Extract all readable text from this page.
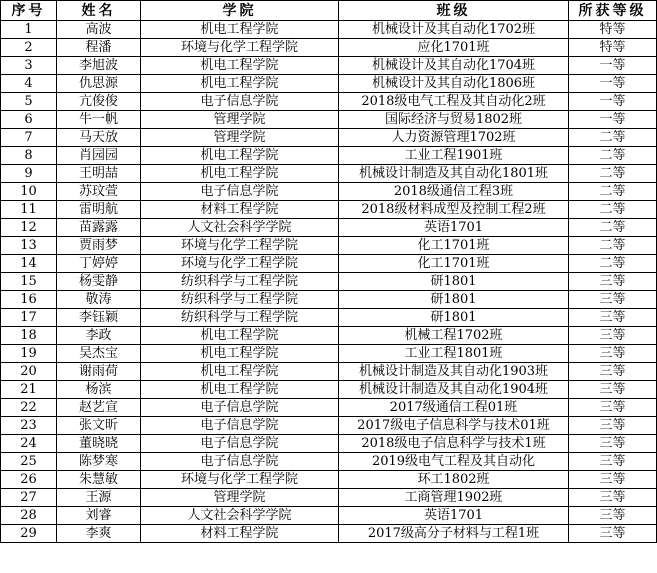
序号	姓名	学院	班级	所获等级
1	高波	机电工程学院	机械设计及其自动化1702班	特等
2	程潘	环境与化学工程学院	应化1701班	特等
3	李旭波	机电工程学院	机械设计及其自动化1704班	一等
4	仇思源	机电工程学院	机械设计及其自动化1806班	一等
5	亢俊俊	电子信息学院	2018级电气工程及其自动化2班	一等
6	牛一帆	管理学院	国际经济与贸易1802班	一等
7	马天放	管理学院	人力资源管理1702班	二等
8	肖园园	机电工程学院	工业工程1901班	二等
9	王明喆	机电工程学院	机械设计制造及其自动化1801班	二等
10	苏玟萱	电子信息学院	2018级通信工程3班	二等
11	雷明航	材料工程学院	2018级材料成型及控制工程2班	二等
12	苗露露	人文社会科学学院	英语1701	二等
13	贾雨梦	环境与化学工程学院	化工1701班	二等
14	丁婷婷	环境与化学工程学院	化工1701班	二等
15	杨雯静	纺织科学与工程学院	研1801	三等
16	敬涛	纺织科学与工程学院	研1801	三等
17	李钰颖	纺织科学与工程学院	研1801	三等
18	李政	机电工程学院	机械工程1702班	三等
19	吴杰宝	机电工程学院	工业工程1801班	三等
20	谢雨荷	机电工程学院	机械设计制造及其自动化1903班	三等
21	杨滨	机电工程学院	机械设计制造及其自动化1904班	三等
22	赵艺宣	电子信息学院	2017级通信工程01班	三等
23	张文昕	电子信息学院	2017级电子信息科学与技术01班	三等
24	董晓晓	电子信息学院	2018级电子信息科学与技术1班	三等
25	陈梦寒	电子信息学院	2019级电气工程及其自动化	三等
26	朱慧敏	环境与化学工程学院	环工1802班	三等
27	王源	管理学院	工商管理1902班	三等
28	刘睿	人文社会科学学院	英语1701	三等
29	李爽	材料工程学院	2017级高分子材料与工程1班	三等
